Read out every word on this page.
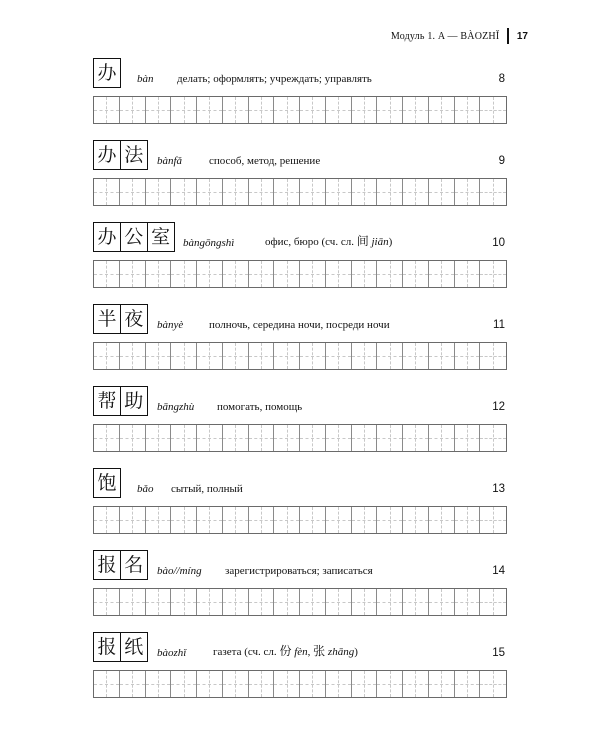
Модуль 1. A — BÀOZHǏ 17
办	bàn делать; оформлять; учреждать; управлять	8
办 法	bànfǎ способ, метод, решение	9
办 公 室	bàngōngshì	офис, бюро (сч. сл. 间 jiān)	10
半 夜	bànyè полночь, середина ночи, посреди ночи	11
帮 助	bāngzhù помогать, помощь	12
饱	bǎo сытый, полный	13
报 名	bào//míng зарегистрироваться; записаться	14
报 纸	bàozhǐ газета (сч. сл. 份 fèn, 张 zhāng)	15
